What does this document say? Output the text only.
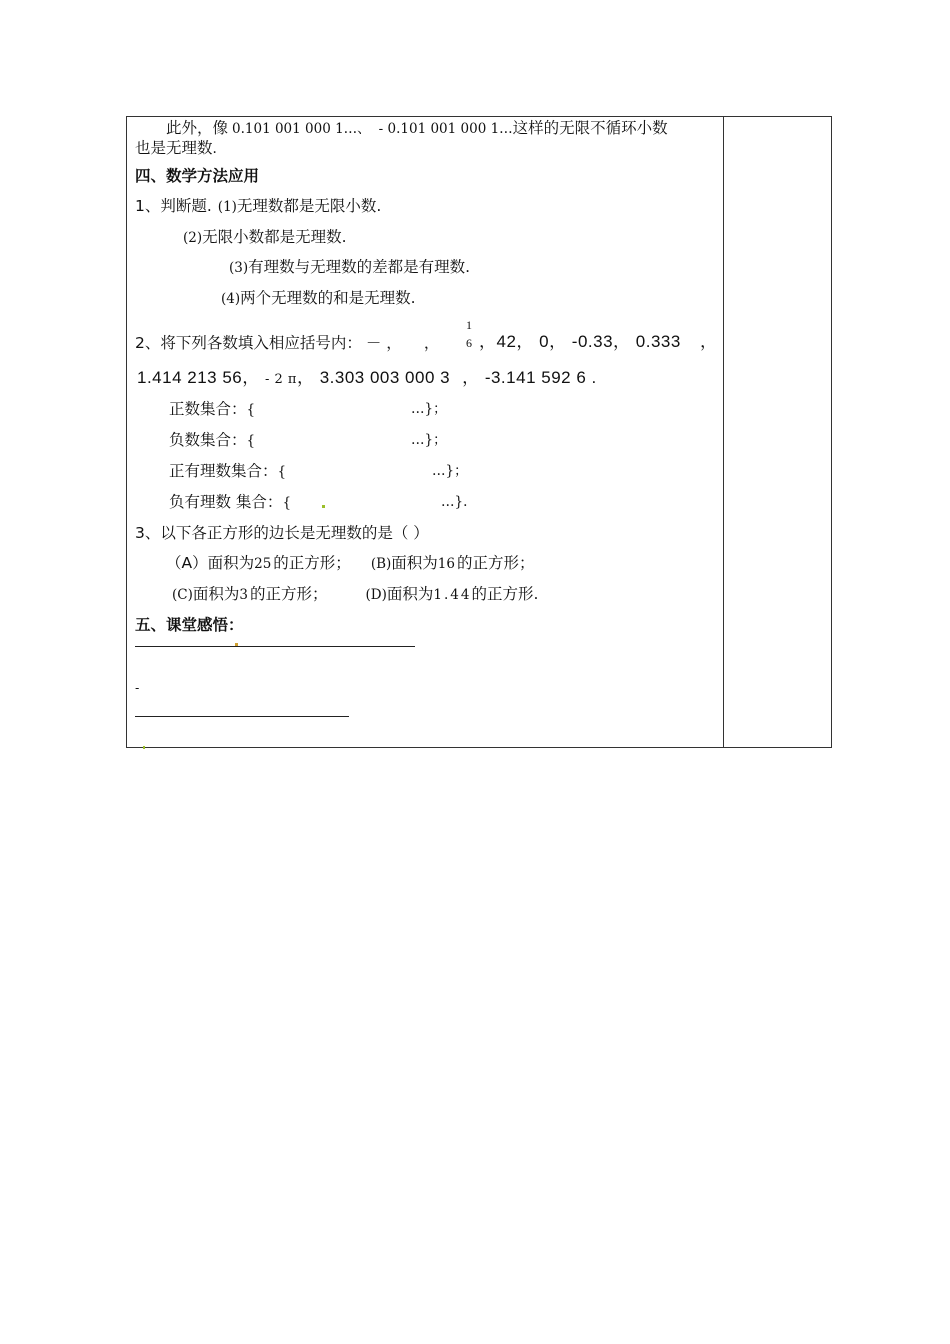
此外，像 0.101 001 000 1…、 - 0.101 001 000 1…这样的无限不循环小数
也是无理数.
四、数学方法应用
1、判断题. (1)无理数都是无限小数.
(2)无限小数都是无理数.
(3)有理数与无理数的差都是有理数.
(4)两个无理数的和是无理数.
2、将下列各数填入相应括号内： － ， ，
1
6 ，42， 0， -0.33， 0.333 ，
1.414 213 56， - 2 π， 3.303 003 000 3 ， -3.141 592 6 .
正数集合：{	…}；
负数集合：{	…}；
正有理数集合：{	…}；
负有理数 集合：{	…}.
3、以下各正方形的边长是无理数的是（ ）
（A）面积为25 的正方形； (B)面积为16 的正方形；
(C)面积为3 的正方形；	(D)面积为1.44的正方形.
五、课堂感悟：
-
